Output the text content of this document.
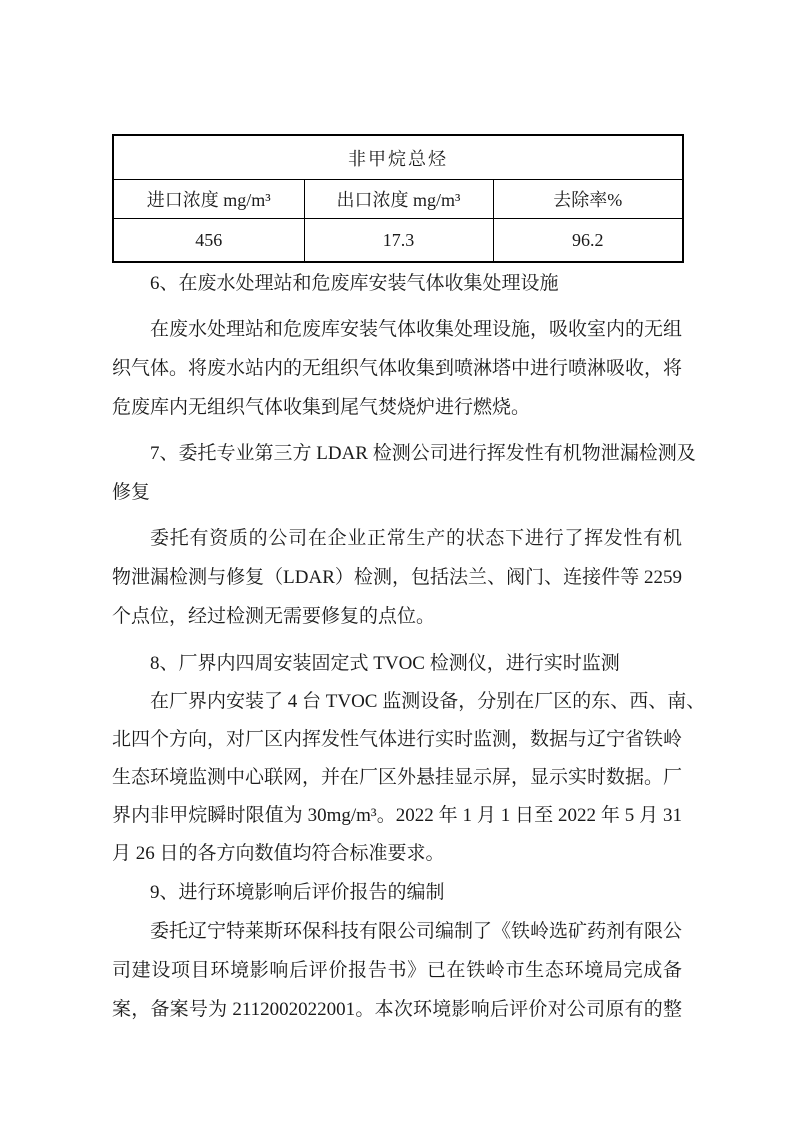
非甲烷总烃		
进口浓度 mg/m³	出口浓度 mg/m³	去除率%
456	17.3	96.2
6、在废水处理站和危废库安装气体收集处理设施
在废水处理站和危废库安装气体收集处理设施，吸收室内的无组
织气体。将废水站内的无组织气体收集到喷淋塔中进行喷淋吸收，将
危废库内无组织气体收集到尾气焚烧炉进行燃烧。
7、委托专业第三方 LDAR 检测公司进行挥发性有机物泄漏检测及
修复
委托有资质的公司在企业正常生产的状态下进行了挥发性有机
物泄漏检测与修复（LDAR）检测，包括法兰、阀门、连接件等 2259
个点位，经过检测无需要修复的点位。
8、厂界内四周安装固定式 TVOC 检测仪，进行实时监测
在厂界内安装了 4 台 TVOC 监测设备，分别在厂区的东、西、南、
北四个方向，对厂区内挥发性气体进行实时监测，数据与辽宁省铁岭
生态环境监测中心联网，并在厂区外悬挂显示屏，显示实时数据。厂
界内非甲烷瞬时限值为 30mg/m³。2022 年 1 月 1 日至 2022 年 5 月 31
月 26 日的各方向数值均符合标准要求。
9、进行环境影响后评价报告的编制
委托辽宁特莱斯环保科技有限公司编制了《铁岭选矿药剂有限公
司建设项目环境影响后评价报告书》已在铁岭市生态环境局完成备
案，备案号为 2112002022001。本次环境影响后评价对公司原有的整
